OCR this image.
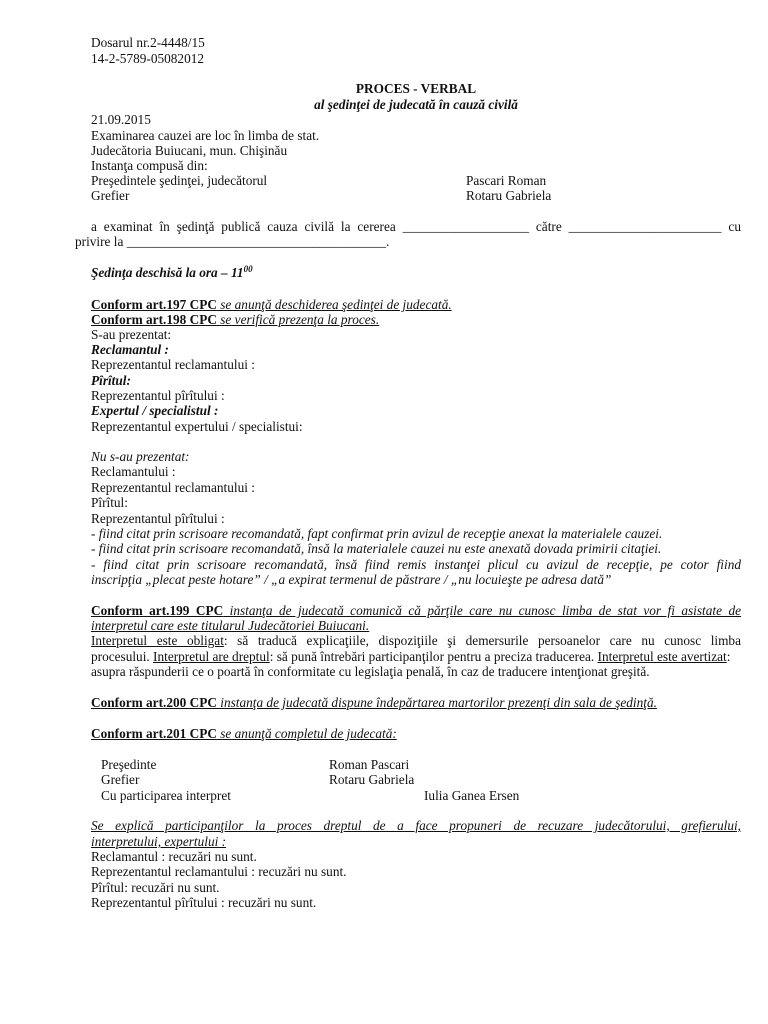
Dosarul nr.2-4448/15
14-2-5789-05082012
PROCES - VERBAL
al şedinţei de judecată în cauză civilă
21.09.2015
Examinarea cauzei are loc în limba de stat.
Judecătoria Buiucani, mun. Chişinău
Instanţa compusă din:
Preşedintele şedinţei, judecătorul	Pascari Roman
Grefier	Rotaru Gabriela
a examinat în şedinţă publică cauza civilă la cererea ___________________ către _______________________ cu
privire la _______________________________________.
Şedinţa deschisă la ora – $11^{00}$
Conform art.197 CPC se anunţă deschiderea şedinţei de judecată.
Conform art.198 CPC se verifică prezenţa la proces.
S-au prezentat:
Reclamantul :
Reprezentantul reclamantului :
Pîrîtul:
Reprezentantul pîrîtului :
Expertul / specialistul :
Reprezentantul expertului / specialistui:
Nu s-au prezentat:
Reclamantului :
Reprezentantul reclamantului :
Pîrîtul:
Reprezentantul pîrîtului :
- fiind citat prin scrisoare recomandată, fapt confirmat prin avizul de recepţie anexat la materialele cauzei.
- fiind citat prin scrisoare recomandată, însă la materialele cauzei nu este anexată dovada primirii citaţiei.
- fiind citat prin scrisoare recomandată, însă fiind remis instanţei plicul cu avizul de recepţie, pe cotor fiind
inscripţia „plecat peste hotare” / „a expirat termenul de păstrare / „nu locuieşte pe adresa dată”
Conform art.199 CPC instanţa de judecată comunică că părţile care nu cunosc limba de stat vor fi asistate de
interpretul care este titularul Judecătoriei Buiucani.
Interpretul este obligat: să traducă explicaţiile, dispoziţiile şi demersurile persoanelor care nu cunosc limba
procesului. Interpretul are dreptul: să pună întrebări participanţilor pentru a preciza traducerea. Interpretul este avertizat:
asupra răspunderii ce o poartă în conformitate cu legislaţia penală, în caz de traducere intenţionat greşită.
Conform art.200 CPC instanţa de judecată dispune îndepărtarea martorilor prezenţi din sala de şedinţă.
Conform art.201 CPC se anunţă completul de judecată:
Preşedinte	Roman Pascari
Grefier	Rotaru Gabriela
Cu participarea interpret	Iulia Ganea Ersen
Se explică participanţilor la proces dreptul de a face propuneri de recuzare judecătorului, grefierului,
interpretului, expertului :
Reclamantul : recuzări nu sunt.
Reprezentantul reclamantului : recuzări nu sunt.
Pîrîtul: recuzări nu sunt.
Reprezentantul pîrîtului : recuzări nu sunt.
